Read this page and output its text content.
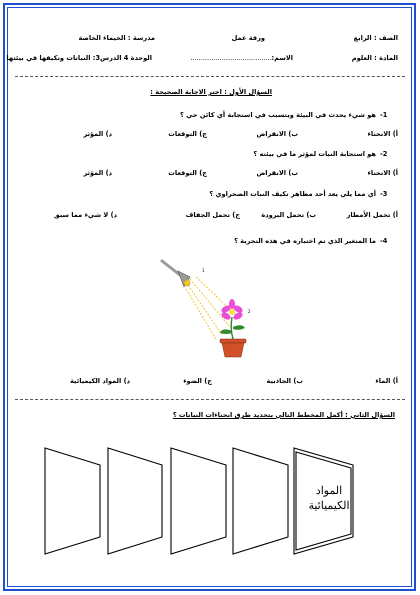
الصف : الرابع
ورقة عمل
مدرسة : الخيماء الخاصة
المادة : العلوم
الاسم:
.......................................
الوحدة 4 الدرس3: النباتات وتكيفها في بيئتها
السؤال الأول : اختر الاجابة الصحيحة :
-1
هو شيء يحدث في البيئة ويتسبب في استجابة أي كائن حي ؟
أ) الانحناء
ب) الانقراض
ج) التوقعات
د) المؤثر
-2
هو استجابة النبات لمؤثر ما في بيئته ؟
أ) الانحناء
ب) الانقراض
ج) التوقعات
د) المؤثر
-3
أي مما يلي يعد أحد مظاهر تكيف النبات الصحراوي ؟
أ) تحمل الأمطار
ب) تحمل البرودة
ج) تحمل الجفاف
د) لا شيء مما سبق
-4
ما المتغير الذي تم اختباره في هذه التجربة ؟
1
2
أ) الماء
ب) الجاذبية
ج) الضوء
د) المواد الكيميائية
السؤال الثاني : أكمل المخطط التالي بتحديد طرق انحناءات النباتات ؟
المواد الكيميائية
